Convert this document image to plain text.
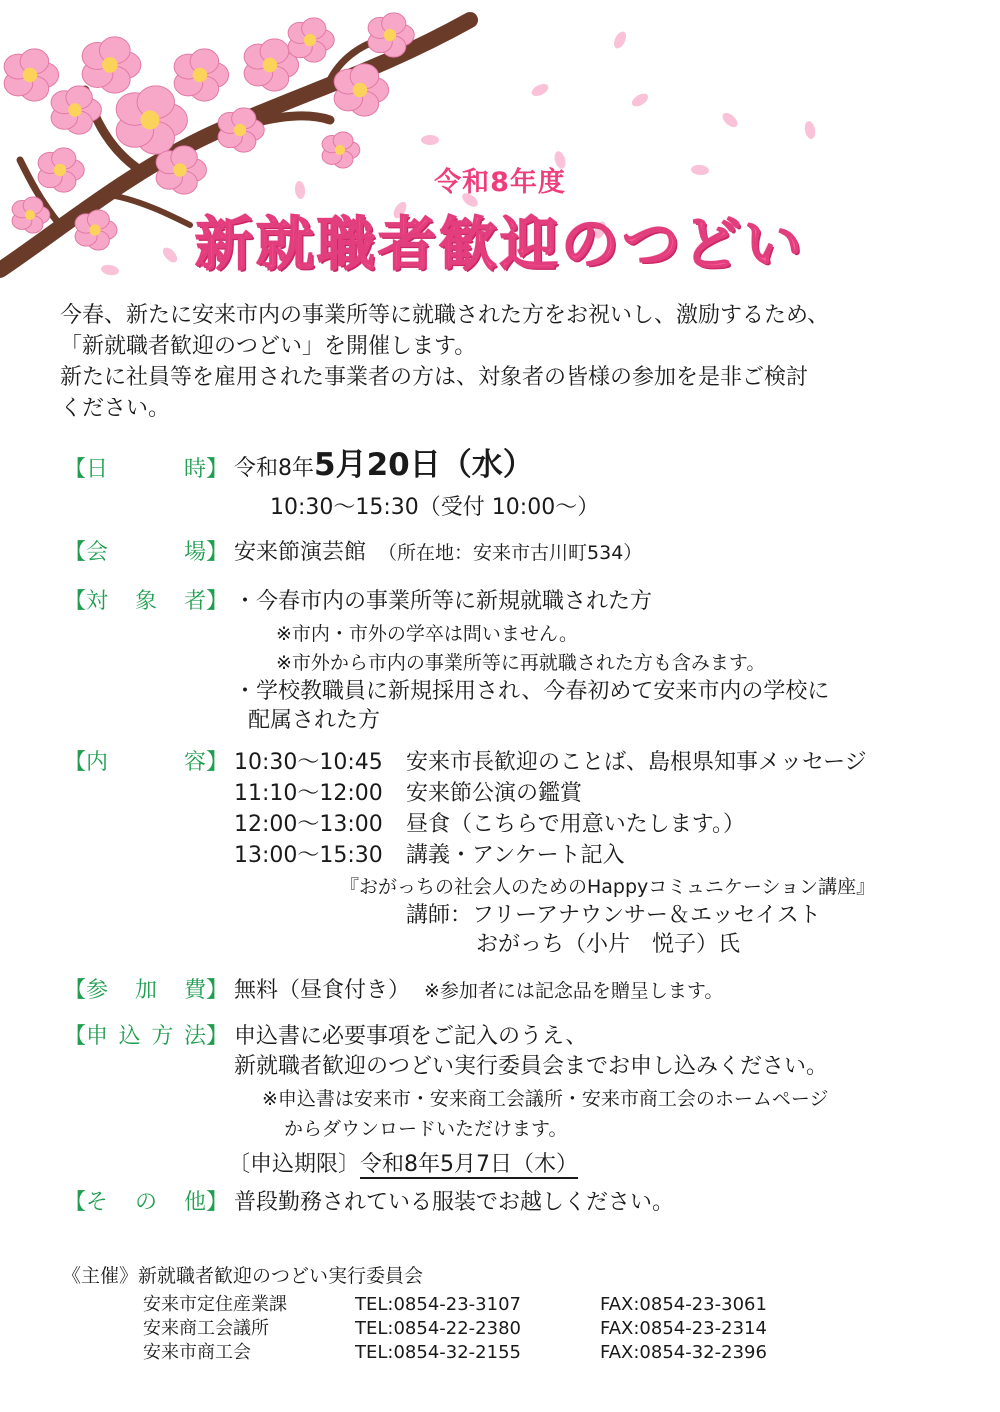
令和8年度
新就職者歓迎のつどい

今春、新たに安来市内の事業所等に就職された方をお祝いし、激励するため、

「新就職者歓迎のつどい」を開催します。

新たに社員等を雇用された事業者の方は、対象者の皆様の参加を是非ご検討

ください。

【日時】 令和8年5月20日（水）
10:30～15:30（受付 10:00～）
【会場】 安来節演芸館 （所在地：安来市古川町534）
【対象者】 ・今春市内の事業所等に新規就職された方
※市内・市外の学卒は問いません。
※市外から市内の事業所等に再就職された方も含みます。
・学校教職員に新規採用され、今春初めて安来市内の学校に
配属された方
【内容】 10:30～10:45 安来市長歓迎のことば、島根県知事メッセージ
11:10～12:00 安来節公演の鑑賞
12:00～13:00 昼食（こちらで用意いたします。）
13:00～15:30 講義・アンケート記入
『おがっちの社会人のためのHappyコミュニケーション講座』
講師：フリーアナウンサー＆エッセイスト
おがっち（小片　悦子）氏
【参加費】 無料（昼食付き） ※参加者には記念品を贈呈します。
【申込方法】 申込書に必要事項をご記入のうえ、
新就職者歓迎のつどい実行委員会までお申し込みください。
※申込書は安来市・安来商工会議所・安来市商工会のホームページ
からダウンロードいただけます。
〔申込期限〕令和8年5月7日（木）
【その他】 普段勤務されている服装でお越しください。
《主催》新就職者歓迎のつどい実行委員会
安来市定住産業課	TEL:0854-23-3107	FAX:0854-23-3061
安来商工会議所	TEL:0854-22-2380	FAX:0854-23-2314
安来市商工会	TEL:0854-32-2155	FAX:0854-32-2396
